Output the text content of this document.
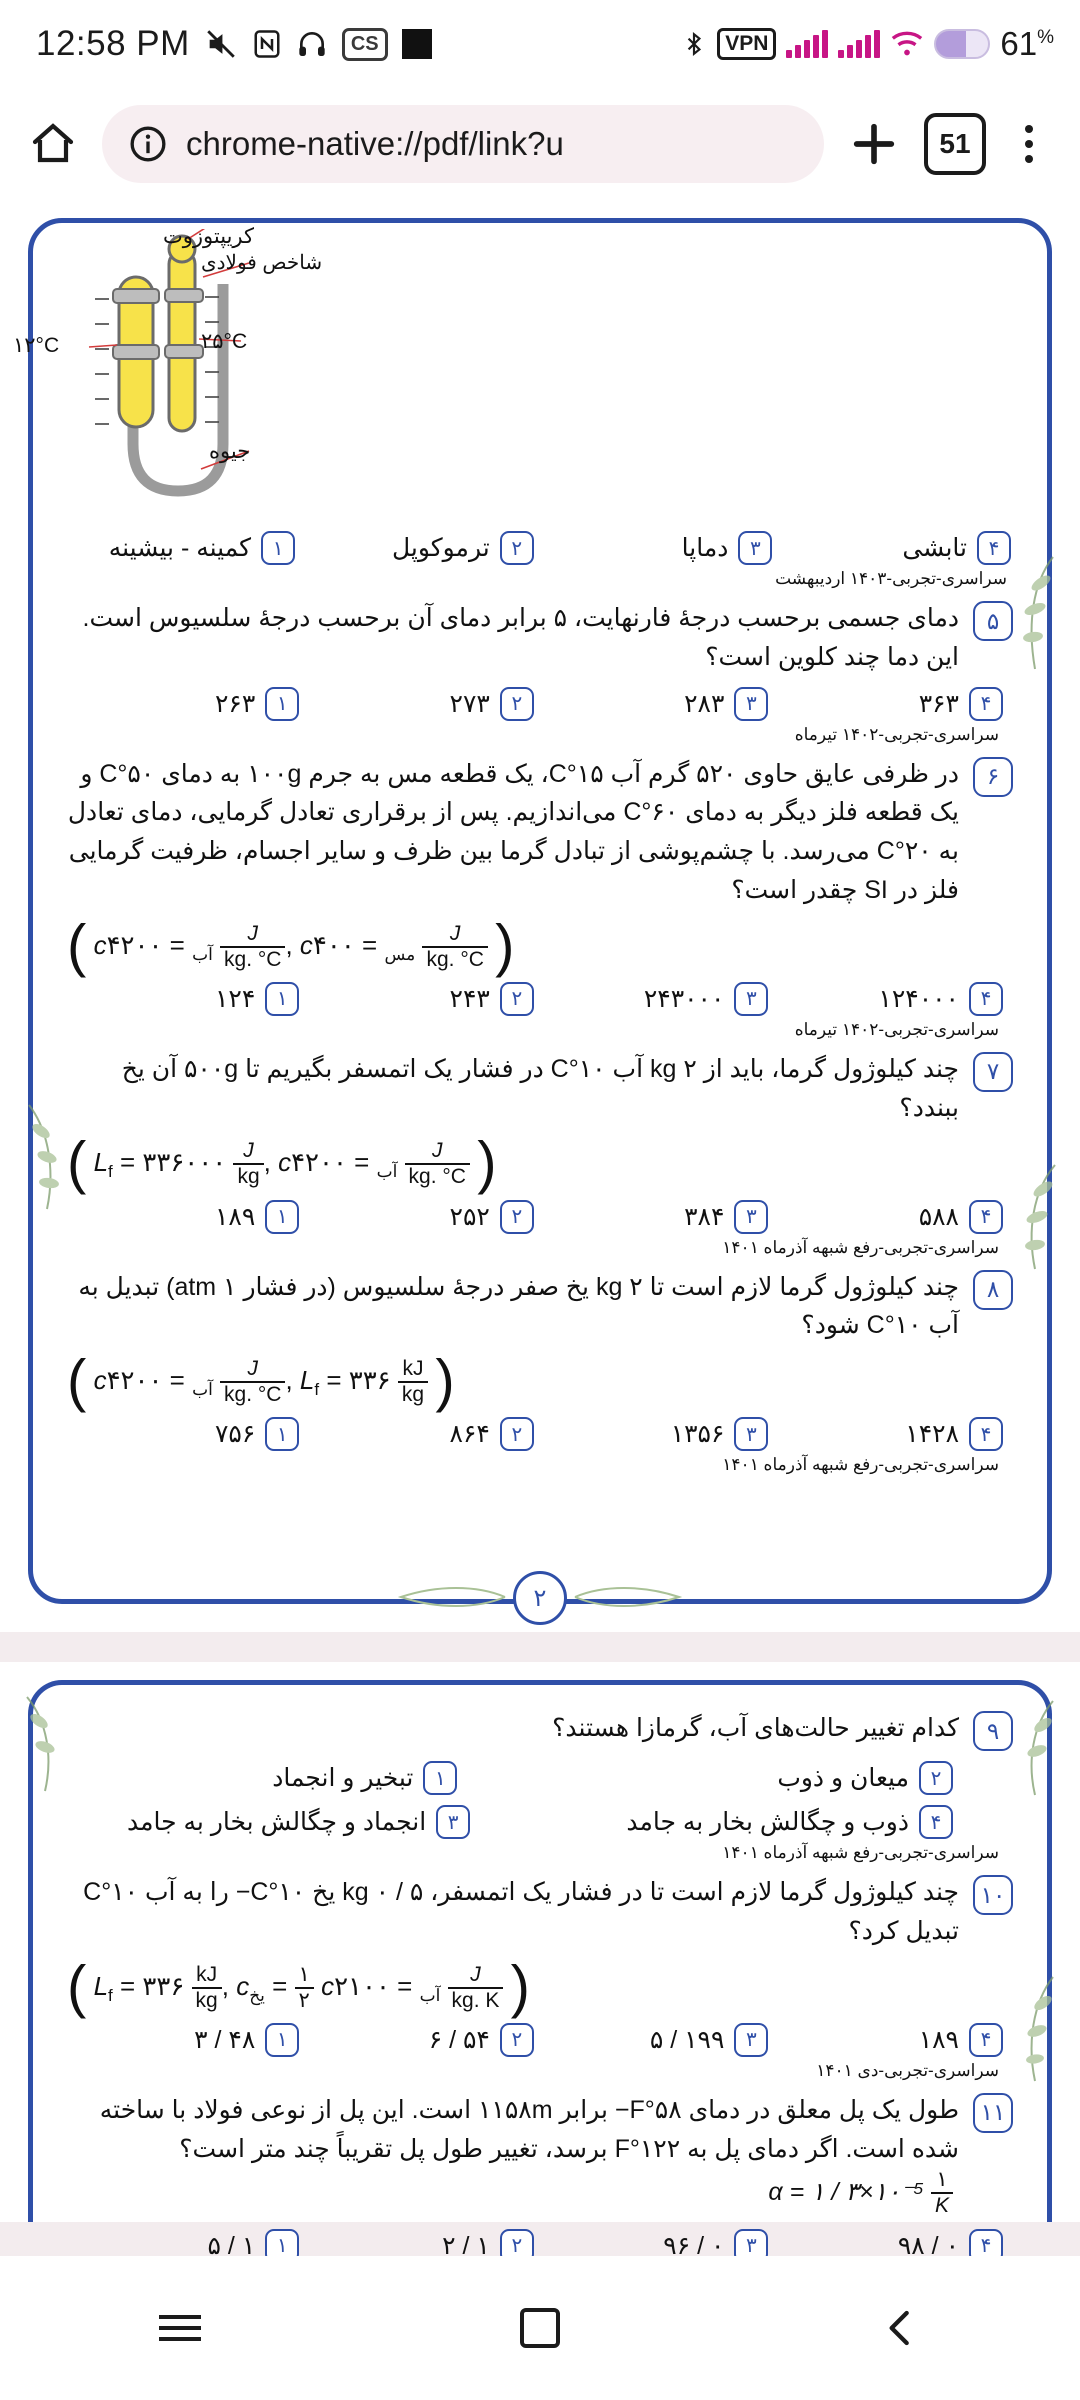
12:58 PM	CS	VPN	61%
chrome-native://pdf/link?u	51
کریپتوزوت
شاخص فولادی
۲۵°C
۱۲°C
جیوه
۴
تابشی
۳
دماپا
۲
ترموکوپل
۱
کمینه - بیشینه
سراسری-تجربی-۱۴۰۳ اردیبهشت
۵
دمای جسمی برحسب درجهٔ فارنهایت، ۵ برابر دمای آن برحسب درجهٔ سلسیوس است. این دما چند کلوین است؟
۴
۳۶۳
۳
۲۸۳
۲
۲۷۳
۱
۲۶۳
سراسری-تجربی-۱۴۰۲ تیرماه
۶
در ظرفی عایق حاوی ۵۲۰ گرم آب C°۱۵، یک قطعه مس به جرم ۱۰۰g به دمای C°۵۰ و یک قطعه فلز دیگر به دمای C°۶۰ می‌اندازیم. پس از برقراری تعادل گرمایی، دمای تعادل به C°۲۰ می‌رسد. با چشم‌پوشی از تبادل گرما بین ظرف و سایر اجسام، ظرفیت گرمایی فلز در SI چقدر است؟
( c	$_{آب}$ = ۴۲۰۰	$\frac{J}{kg. ^\circ C}$ , c	$_{مس}$ = ۴۰۰	$\frac{J}{kg. ^\circ C}$ )
۴
۱۲۴۰۰۰
۳
۲۴۳۰۰۰
۲
۲۴۳
۱
۱۲۴
سراسری-تجربی-۱۴۰۲ تیرماه
۷
چند کیلوژول گرما، باید از kg ۲ آب C°۱۰ در فشار یک اتمسفر بگیریم تا ۵۰۰g آن یخ ببندد؟
( $L_f$ = ۳۳۶۰۰۰ $\frac{J}{kg}$ , c	$_{آب}$ = ۴۲۰۰	$\frac{J}{kg. ^\circ C}$ )
۴
۵۸۸
۳
۳۸۴
۲
۲۵۲
۱
۱۸۹
سراسری-تجربی-رفع شبهه آذرماه ۱۴۰۱
۸
چند کیلوژول گرما لازم است تا kg ۲ یخ صفر درجهٔ سلسیوس (در فشار atm ۱) تبدیل به آب C°۱۰ شود؟
( c	$_{آب}$ = ۴۲۰۰	$\frac{J}{kg. ^\circ C}$ , $L_f$ = ۳۳۶ $\frac{kJ}{kg}$ )
۴
۱۴۲۸
۳
۱۳۵۶
۲
۸۶۴
۱
۷۵۶
سراسری-تجربی-رفع شبهه آذرماه ۱۴۰۱
۲
۹
کدام تغییر حالت‌های آب، گرمازا هستند؟
۲
میعان و ذوب
۱
تبخیر و انجماد
۴
ذوب و چگالش بخار به جامد
۳
انجماد و چگالش بخار به جامد
سراسری-تجربی-رفع شبهه آذرماه ۱۴۰۱
۱۰
چند کیلوژول گرما لازم است تا در فشار یک اتمسفر، kg ۰ / ۵ یخ C°۱۰− را به آب C°۱۰ تبدیل کرد؟
( $L_f$ = ۳۳۶ $\frac{kJ}{kg}$ , $c_{یخ} = \frac{۱}{۲}$ c	$_{آب}$ = ۲۱۰۰	$\frac{J}{kg. K}$ )
۴
۱۸۹
۳
۱۹۹ / ۵
۲
۵۴ / ۶
۱
۴۸ / ۳
سراسری-تجربی-دی ۱۴۰۱
۱۱
طول یک پل معلق در دمای F°۵۸− برابر ۱۱۵۸m است. این پل از نوعی فولاد با ساخته شده است. اگر دمای پل به F°۱۲۲ برسد، تغییر طول پل تقریباً چند متر است؟ α = ۱ / ۳×۱۰⁻⁵ $\frac{۱}{K}$
۴
۰ / ۹۸
۳
۰ / ۹۶
۲
۱ / ۲
۱
۱ / ۵
